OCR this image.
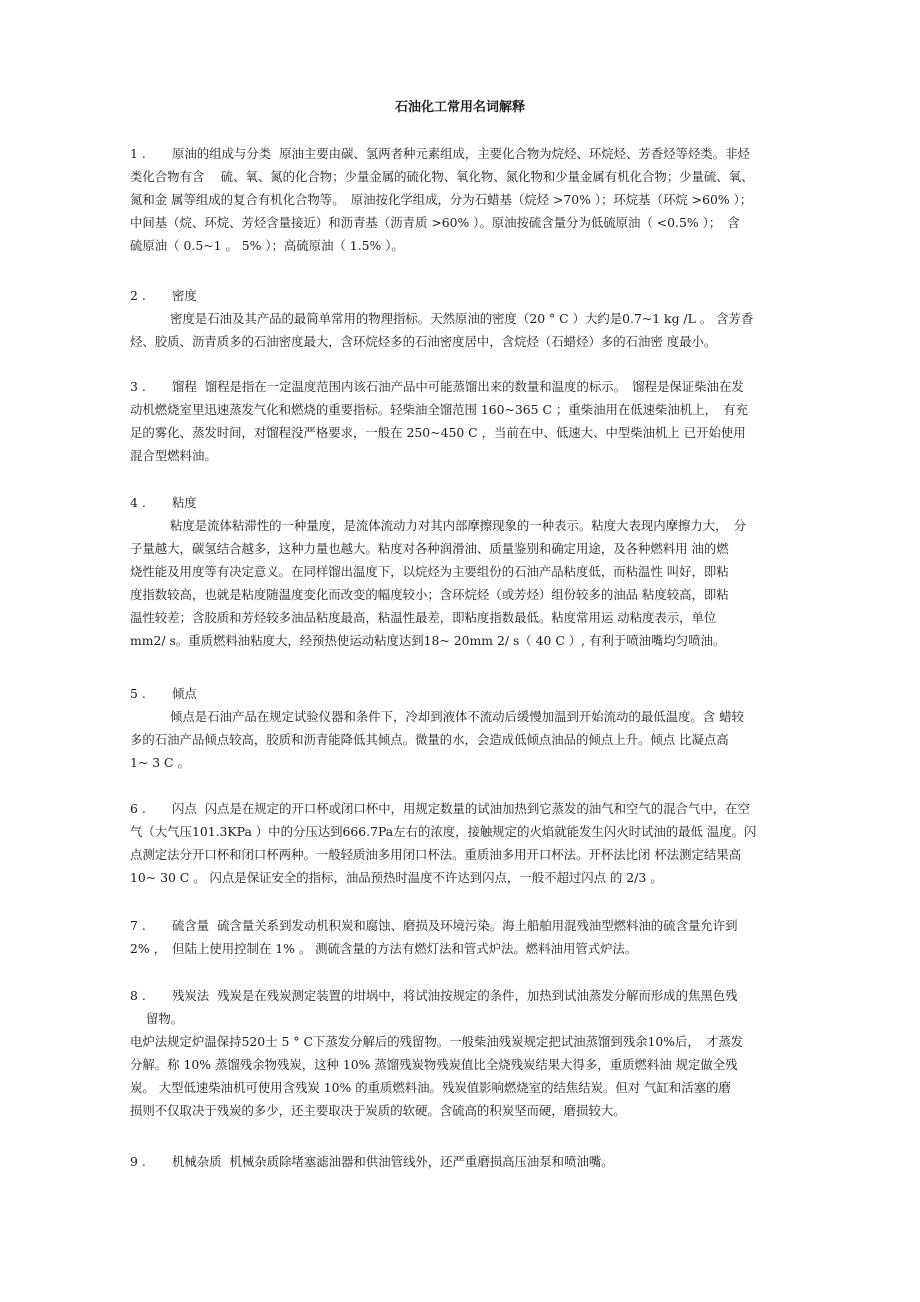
石油化工常用名词解释
1 . 原油的组成与分类 原油主要由碳、氢两者种元素组成，主要化合物为烷烃、环烷烃、芳香烃等烃类。非烃
类化合物有含　 硫、氧、氮的化合物；少量金属的硫化物、氧化物、氮化物和少量金属有机化合物；少量硫、氧、
氮和金 属等组成的复合有机化合物等。　原油按化学组成，分为石蜡基（烷烃 >70% ）；环烷基（环烷 >60% ）；
中间基（烷、环烷、芳烃含量接近）和沥青基（沥青质 >60% ）。原油按硫含量分为低硫原油（ <0.5% ）；　含
硫原油（ 0.5~1 。 5% ）；高硫原油（ 1.5% ）。
2 . 密度
密度是石油及其产品的最简单常用的物理指标。天然原油的密度（20 ° C ）大约是0.7~1 kg /L 。 含芳香
烃、胶质、沥青质多的石油密度最大，含环烷烃多的石油密度居中，含烷烃（石蜡烃）多的石油密 度最小。
3 . 馏程 馏程是指在一定温度范围内该石油产品中可能蒸馏出来的数量和温度的标示。　馏程是保证柴油在发
动机燃烧室里迅速蒸发气化和燃烧的重要指标。轻柴油全馏范围 160~365 C ；重柴油用在低速柴油机上，　有充
足的雾化、蒸发时间，对馏程没严格要求，一般在 250~450 C ，当前在中、低速大、中型柴油机上 已开始使用
混合型燃料油。
4 . 粘度
粘度是流体粘滞性的一种量度，是流体流动力对其内部摩擦现象的一种表示。粘度大表现内摩擦力大，　分
子量越大，碳氢结合越多，这种力量也越大。粘度对各种润滑油、质量鉴别和确定用途，及各种燃料用 油的燃
烧性能及用度等有决定意义。在同样馏出温度下，以烷烃为主要组份的石油产品粘度低，而粘温性 叫好，即粘
度指数较高，也就是粘度随温度变化而改变的幅度较小；含环烷烃（或芳烃）组份较多的油品 粘度较高，即粘
温性较差；含胶质和芳烃较多油品粘度最高，粘温性最差，即粘度指数最低。粘度常用运 动粘度表示，单位
mm2/ s。重质燃料油粘度大，经预热使运动粘度达到18~ 20mm 2/ s（ 40 C ）, 有利于喷油嘴均匀喷油。
5 . 倾点
倾点是石油产品在规定试验仪器和条件下，冷却到液体不流动后缓慢加温到开始流动的最低温度。含 蜡较
多的石油产品倾点较高，胶质和沥青能降低其倾点。微量的水，会造成低倾点油品的倾点上升。倾点 比凝点高
1~ 3 C 。
6 . 闪点 闪点是在规定的开口杯或闭口杯中，用规定数量的试油加热到它蒸发的油气和空气的混合气中，在空
气（大气压101.3KPa ）中的分压达到666.7Pa左右的浓度，接触规定的火焰就能发生闪火时试油的最低 温度。闪
点测定法分开口杯和闭口杯两种。一般轻质油多用闭口杯法。重质油多用开口杯法。开杯法比闭 杯法测定结果高
10~ 30 C 。 闪点是保证安全的指标，油品预热时温度不许达到闪点，一般不超过闪点 的 2/3 。
7 . 硫含量 硫含量关系到发动机积炭和腐蚀、磨损及环境污染。海上船舶用混残油型燃料油的硫含量允许到
2% ，　但陆上使用控制在 1% 。 测硫含量的方法有燃灯法和管式炉法。燃料油用管式炉法。
8 . 残炭法 残炭是在残炭测定装置的坩埚中，将试油按规定的条件，加热到试油蒸发分解而形成的焦黑色残
留物。
电炉法规定炉温保持520士 5 ° C下蒸发分解后的残留物。一般柴油残炭规定把试油蒸馏到残余10%后，　才蒸发
分解。称 10% 蒸馏残余物残炭，这种 10% 蒸馏残炭物残炭值比全烧残炭结果大得多，重质燃料油 规定做全残
炭。 大型低速柴油机可使用含残炭 10% 的重质燃料油。残炭值影响燃烧室的结焦结炭。但对 气缸和活塞的磨
损则不仅取决于残炭的多少，还主要取决于炭质的软硬。含硫高的积炭坚而硬，磨损较大。
9 . 机械杂质 机械杂质除堵塞滤油器和供油管线外，还严重磨损高压油泵和喷油嘴。
